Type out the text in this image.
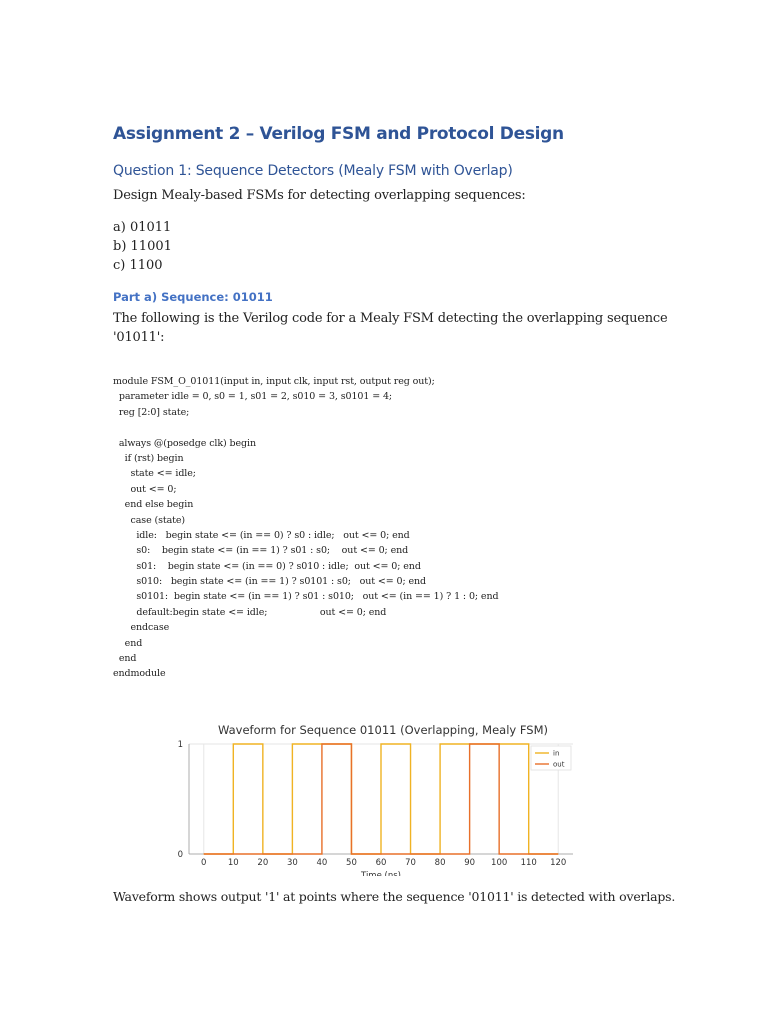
Assignment 2 – Verilog FSM and Protocol Design
Question 1: Sequence Detectors (Mealy FSM with Overlap)
Design Mealy-based FSMs for detecting overlapping sequences:
a) 01011
b) 11001
c) 1100
Part a) Sequence: 01011
The following is the Verilog code for a Mealy FSM detecting the overlapping sequence
'01011':
module FSM_O_01011(input in, input clk, input rst, output reg out);
parameter idle = 0, s0 = 1, s01 = 2, s010 = 3, s0101 = 4;
reg [2:0] state;
always @(posedge clk) begin
if (rst) begin
state <= idle;
out <= 0;
end else begin
case (state)
idle:   begin state <= (in == 0) ? s0 : idle;   out <= 0; end
s0:    begin state <= (in == 1) ? s01 : s0;    out <= 0; end
s01:    begin state <= (in == 0) ? s010 : idle;  out <= 0; end
s010:   begin state <= (in == 1) ? s0101 : s0;   out <= 0; end
s0101:  begin state <= (in == 1) ? s01 : s010;   out <= (in == 1) ? 1 : 0; end
default:begin state <= idle;                  out <= 0; end
endcase
end
end
endmodule
Waveform for Sequence 01011 (Overlapping, Mealy FSM)
0	10 20 30 40 50 60 70 80 90 100 110 120
0
1
Time (ns)
in
out
Waveform shows output '1' at points where the sequence '01011' is detected with overlaps.
